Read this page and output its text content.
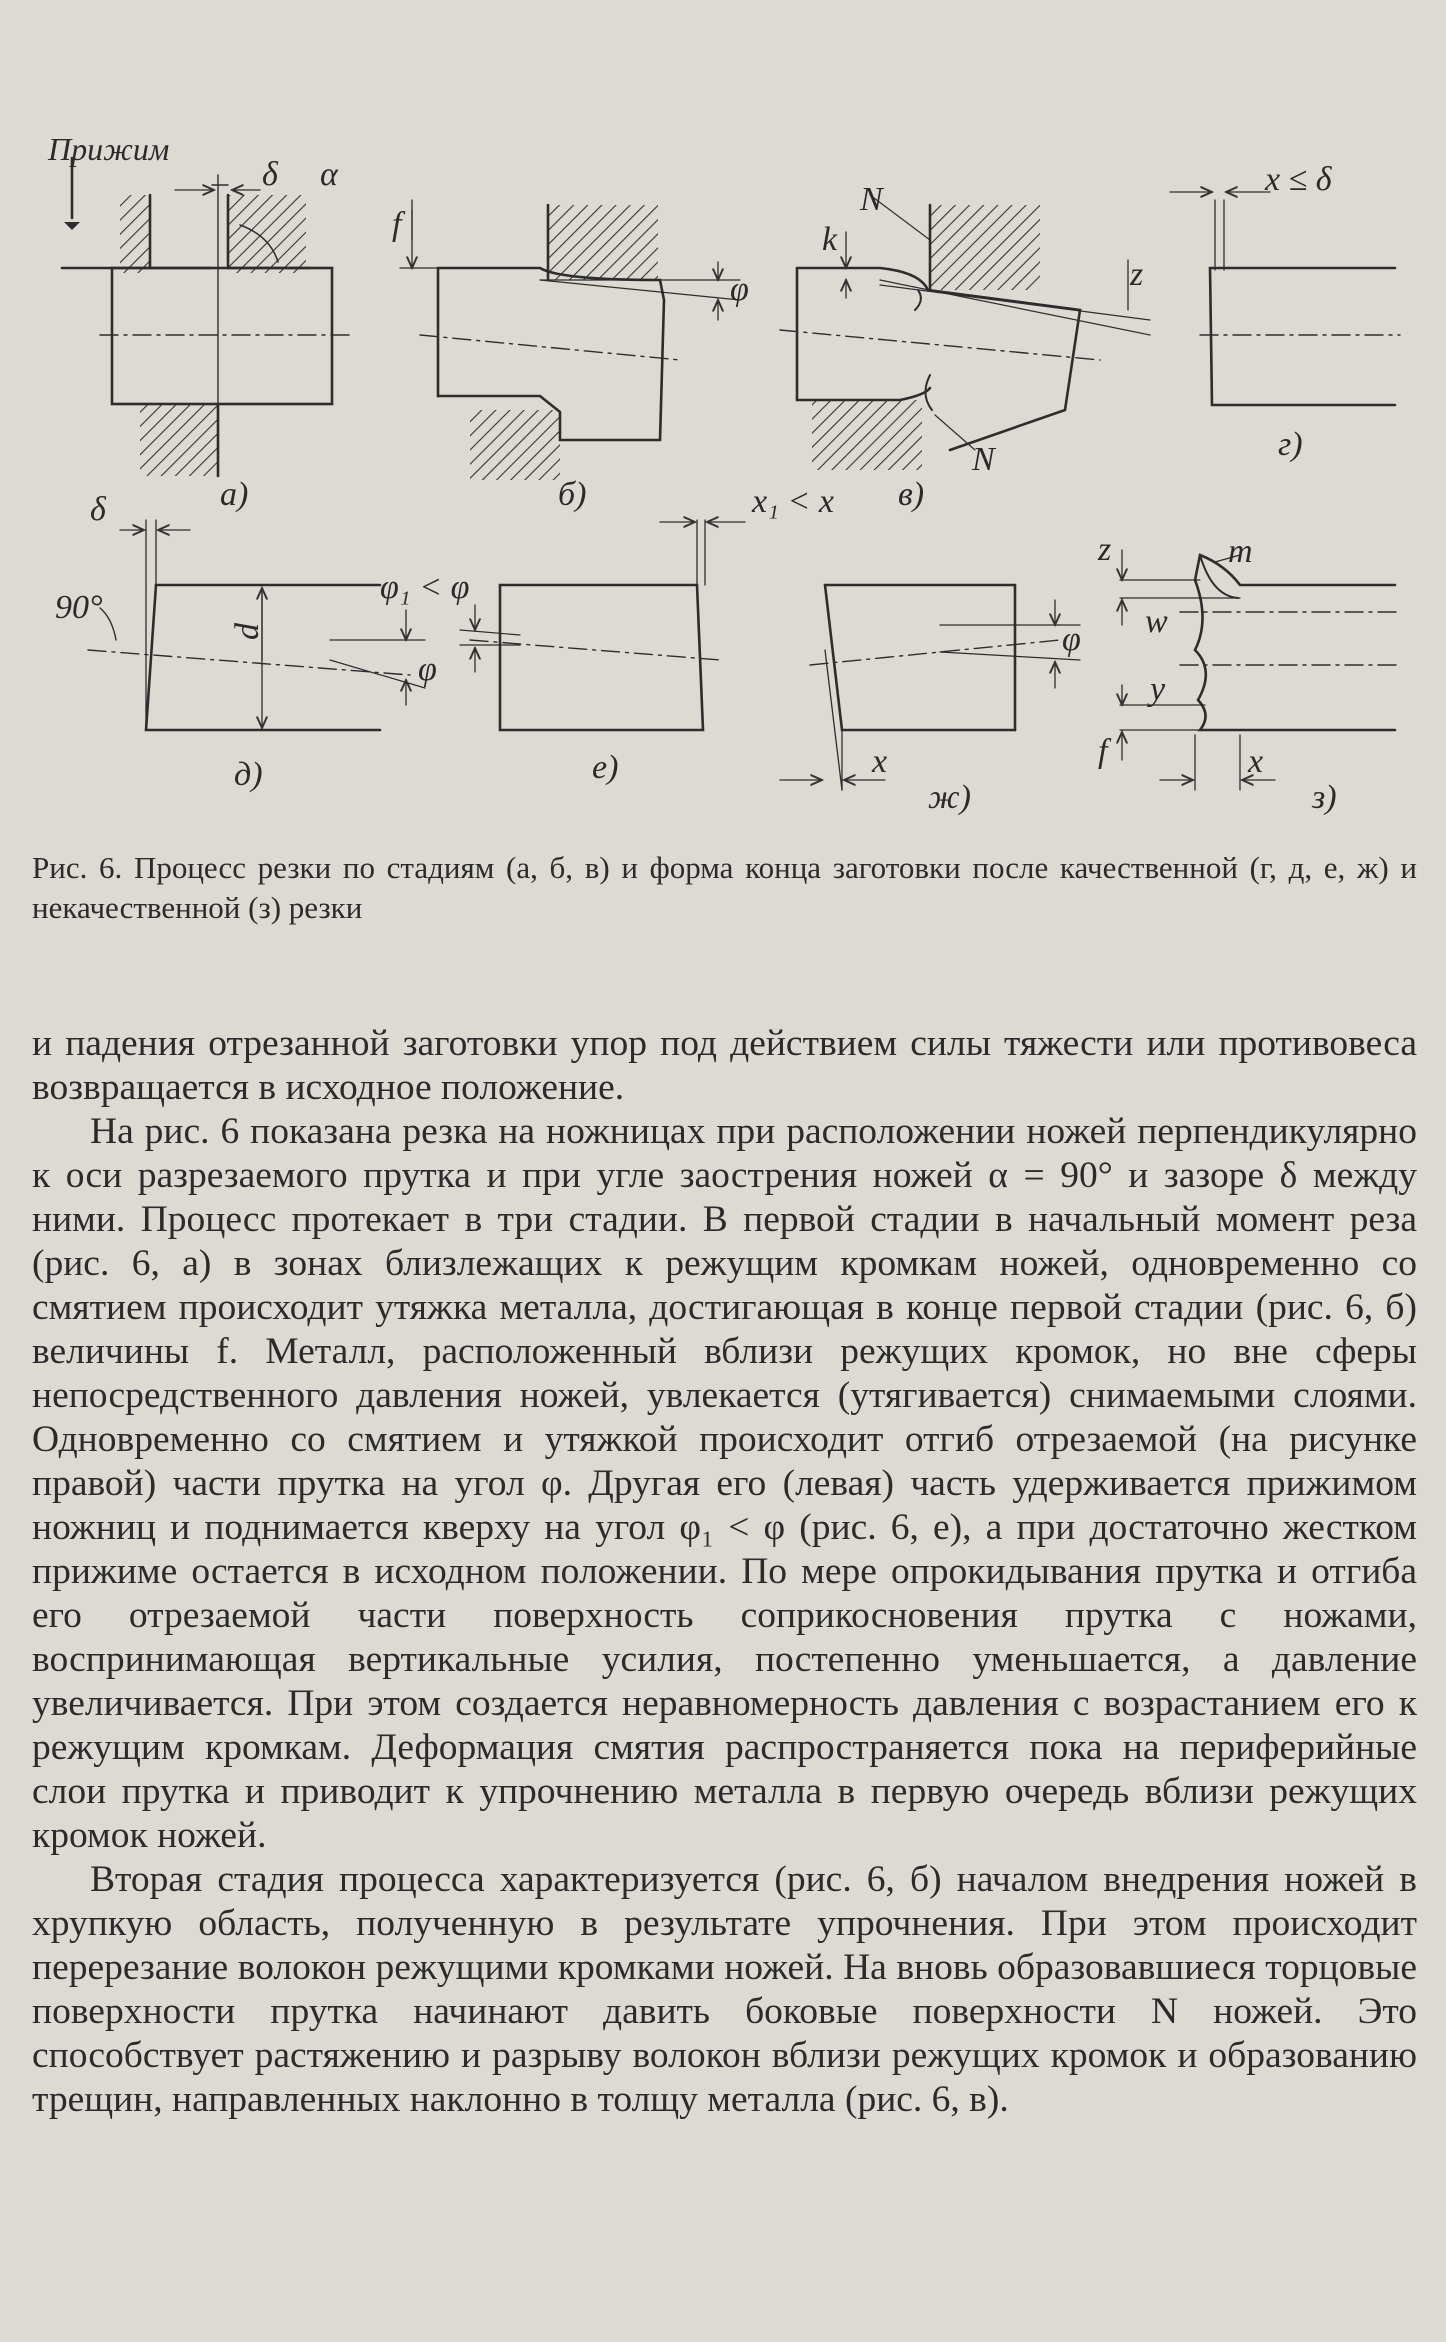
Прижим
δ α
f
φ
N
k
z
N
x ≤ δ
δ
90°
d
φ
φ₁ < φ
x₁ < x
φ
x
z	m
w
y
f	x
а)	б)	в)
г)
д)	е)
ж)	з)
Рис. 6. Процесс резки по стадиям (а, б, в) и форма конца заготовки после качественной (г, д, е, ж) и некачественной (з) резки

и падения отрезанной заготовки упор под действием силы тяжести или противовеса возвращается в исходное положение.

На рис. 6 показана резка на ножницах при расположении ножей перпендикулярно к оси разрезаемого прутка и при угле заострения ножей α = 90° и зазоре δ между ними. Процесс протекает в три стадии. В первой стадии в начальный момент реза (рис. 6, а) в зонах близлежащих к режущим кромкам ножей, одновременно со смятием происходит утяжка металла, достигающая в конце первой стадии (рис. 6, б) величины f. Металл, расположенный вблизи режущих кромок, но вне сферы непосредственного давления ножей, увлекается (утягивается) снимаемыми слоями. Одновременно со смятием и утяжкой происходит отгиб отрезаемой (на рисунке правой) части прутка на угол φ. Другая его (левая) часть удерживается прижимом ножниц и поднимается кверху на угол φ₁ < φ (рис. 6, е), а при достаточно жестком прижиме остается в исходном положении. По мере опрокидывания прутка и отгиба его отрезаемой части поверхность соприкосновения прутка с ножами, воспринимающая вертикальные усилия, постепенно уменьшается, а давление увеличивается. При этом создается неравномерность давления с возрастанием его к режущим кромкам. Деформация смятия распространяется пока на периферийные слои прутка и приводит к упрочнению металла в первую очередь вблизи режущих кромок ножей.

Вторая стадия процесса характеризуется (рис. 6, б) началом внедрения ножей в хрупкую область, полученную в результате упрочнения. При этом происходит перерезание волокон режущими кромками ножей. На вновь образовавшиеся торцовые поверхности прутка начинают давить боковые поверхности N ножей. Это способствует растяжению и разрыву волокон вблизи режущих кромок и образованию трещин, направленных наклонно в толщу металла (рис. 6, в).
